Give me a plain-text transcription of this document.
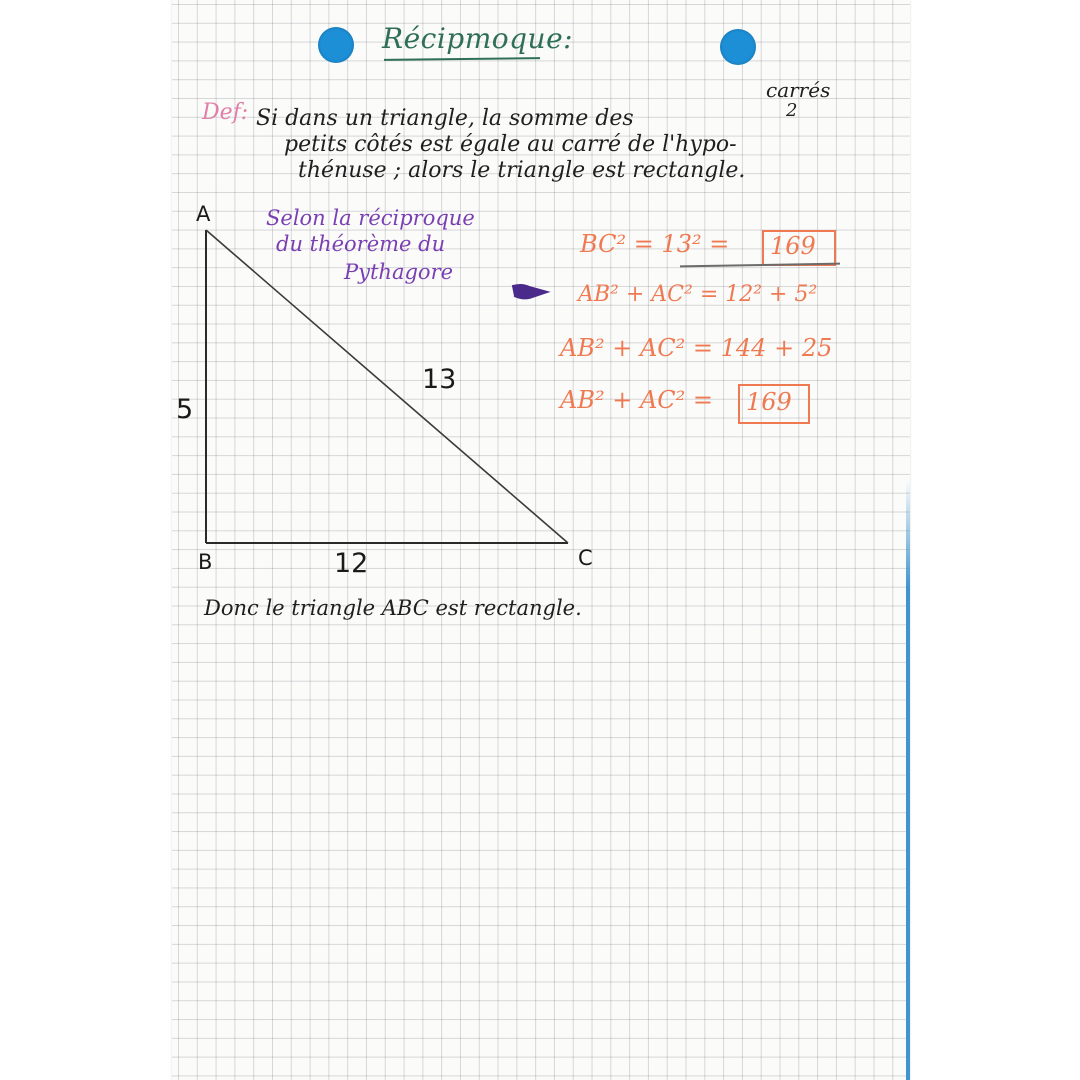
Récipmoque:
Def:
carrés
2
Si dans un triangle, la somme des
petits côtés est égale au carré de l'hypo-
thénuse ; alors le triangle est rectangle.
A
B	C
5
12
13
Selon la réciproque
du théorème du
Pythagore
BC² = 13² = 169
AB² + AC² = 12² + 5²
AB² + AC² = 144 + 25
AB² + AC² = 169
Donc le triangle ABC est rectangle.
